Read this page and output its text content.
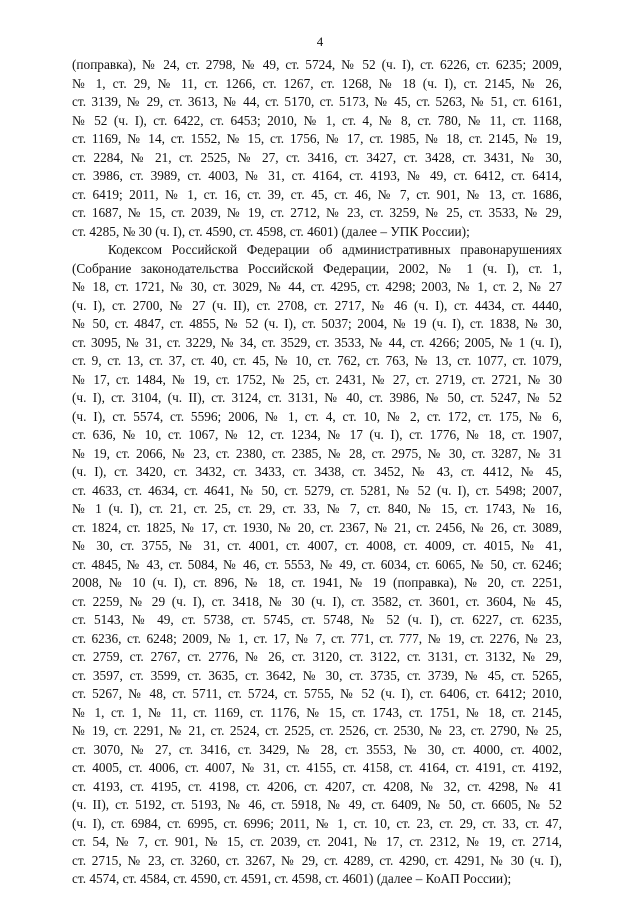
4
(поправка), № 24, ст. 2798, № 49, ст. 5724, № 52 (ч. I), ст. 6226, ст. 6235; 2009,
№ 1, ст. 29, № 11, ст. 1266, ст. 1267, ст. 1268, № 18 (ч. I), ст. 2145, № 26,
ст. 3139, № 29, ст. 3613, № 44, ст. 5170, ст. 5173, № 45, ст. 5263, № 51, ст. 6161,
№ 52 (ч. I), ст. 6422, ст. 6453; 2010, № 1, ст. 4, № 8, ст. 780, № 11, ст. 1168,
ст. 1169, № 14, ст. 1552, № 15, ст. 1756, № 17, ст. 1985, № 18, ст. 2145, № 19,
ст. 2284, № 21, ст. 2525, № 27, ст. 3416, ст. 3427, ст. 3428, ст. 3431, № 30,
ст. 3986, ст. 3989, ст. 4003, № 31, ст. 4164, ст. 4193, № 49, ст. 6412, ст. 6414,
ст. 6419; 2011, № 1, ст. 16, ст. 39, ст. 45, ст. 46, № 7, ст. 901, № 13, ст. 1686,
ст. 1687, № 15, ст. 2039, № 19, ст. 2712, № 23, ст. 3259, № 25, ст. 3533, № 29,
ст. 4285, № 30 (ч. I), ст. 4590, ст. 4598, ст. 4601) (далее – УПК России);
Кодексом Российской Федерации об административных правонарушениях
(Собрание законодательства Российской Федерации, 2002, № 1 (ч. I), ст. 1,
№ 18, ст. 1721, № 30, ст. 3029, № 44, ст. 4295, ст. 4298; 2003, № 1, ст. 2, № 27
(ч. I), ст. 2700, № 27 (ч. II), ст. 2708, ст. 2717, № 46 (ч. I), ст. 4434, ст. 4440,
№ 50, ст. 4847, ст. 4855, № 52 (ч. I), ст. 5037; 2004, № 19 (ч. I), ст. 1838, № 30,
ст. 3095, № 31, ст. 3229, № 34, ст. 3529, ст. 3533, № 44, ст. 4266; 2005, № 1 (ч. I),
ст. 9, ст. 13, ст. 37, ст. 40, ст. 45, № 10, ст. 762, ст. 763, № 13, ст. 1077, ст. 1079,
№ 17, ст. 1484, № 19, ст. 1752, № 25, ст. 2431, № 27, ст. 2719, ст. 2721, № 30
(ч. I), ст. 3104, (ч. II), ст. 3124, ст. 3131, № 40, ст. 3986, № 50, ст. 5247, № 52
(ч. I), ст. 5574, ст. 5596; 2006, № 1, ст. 4, ст. 10, № 2, ст. 172, ст. 175, № 6,
ст. 636, № 10, ст. 1067, № 12, ст. 1234, № 17 (ч. I), ст. 1776, № 18, ст. 1907,
№ 19, ст. 2066, № 23, ст. 2380, ст. 2385, № 28, ст. 2975, № 30, ст. 3287, № 31
(ч. I), ст. 3420, ст. 3432, ст. 3433, ст. 3438, ст. 3452, № 43, ст. 4412, № 45,
ст. 4633, ст. 4634, ст. 4641, № 50, ст. 5279, ст. 5281, № 52 (ч. I), ст. 5498; 2007,
№ 1 (ч. I), ст. 21, ст. 25, ст. 29, ст. 33, № 7, ст. 840, № 15, ст. 1743, № 16,
ст. 1824, ст. 1825, № 17, ст. 1930, № 20, ст. 2367, № 21, ст. 2456, № 26, ст. 3089,
№ 30, ст. 3755, № 31, ст. 4001, ст. 4007, ст. 4008, ст. 4009, ст. 4015, № 41,
ст. 4845, № 43, ст. 5084, № 46, ст. 5553, № 49, ст. 6034, ст. 6065, № 50, ст. 6246;
2008, № 10 (ч. I), ст. 896, № 18, ст. 1941, № 19 (поправка), № 20, ст. 2251,
ст. 2259, № 29 (ч. I), ст. 3418, № 30 (ч. I), ст. 3582, ст. 3601, ст. 3604, № 45,
ст. 5143, № 49, ст. 5738, ст. 5745, ст. 5748, № 52 (ч. I), ст. 6227, ст. 6235,
ст. 6236, ст. 6248; 2009, № 1, ст. 17, № 7, ст. 771, ст. 777, № 19, ст. 2276, № 23,
ст. 2759, ст. 2767, ст. 2776, № 26, ст. 3120, ст. 3122, ст. 3131, ст. 3132, № 29,
ст. 3597, ст. 3599, ст. 3635, ст. 3642, № 30, ст. 3735, ст. 3739, № 45, ст. 5265,
ст. 5267, № 48, ст. 5711, ст. 5724, ст. 5755, № 52 (ч. I), ст. 6406, ст. 6412; 2010,
№ 1, ст. 1, № 11, ст. 1169, ст. 1176, № 15, ст. 1743, ст. 1751, № 18, ст. 2145,
№ 19, ст. 2291, № 21, ст. 2524, ст. 2525, ст. 2526, ст. 2530, № 23, ст. 2790, № 25,
ст. 3070, № 27, ст. 3416, ст. 3429, № 28, ст. 3553, № 30, ст. 4000, ст. 4002,
ст. 4005, ст. 4006, ст. 4007, № 31, ст. 4155, ст. 4158, ст. 4164, ст. 4191, ст. 4192,
ст. 4193, ст. 4195, ст. 4198, ст. 4206, ст. 4207, ст. 4208, № 32, ст. 4298, № 41
(ч. II), ст. 5192, ст. 5193, № 46, ст. 5918, № 49, ст. 6409, № 50, ст. 6605, № 52
(ч. I), ст. 6984, ст. 6995, ст. 6996; 2011, № 1, ст. 10, ст. 23, ст. 29, ст. 33, ст. 47,
ст. 54, № 7, ст. 901, № 15, ст. 2039, ст. 2041, № 17, ст. 2312, № 19, ст. 2714,
ст. 2715, № 23, ст. 3260, ст. 3267, № 29, ст. 4289, ст. 4290, ст. 4291, № 30 (ч. I),
ст. 4574, ст. 4584, ст. 4590, ст. 4591, ст. 4598, ст. 4601) (далее – КоАП России);
